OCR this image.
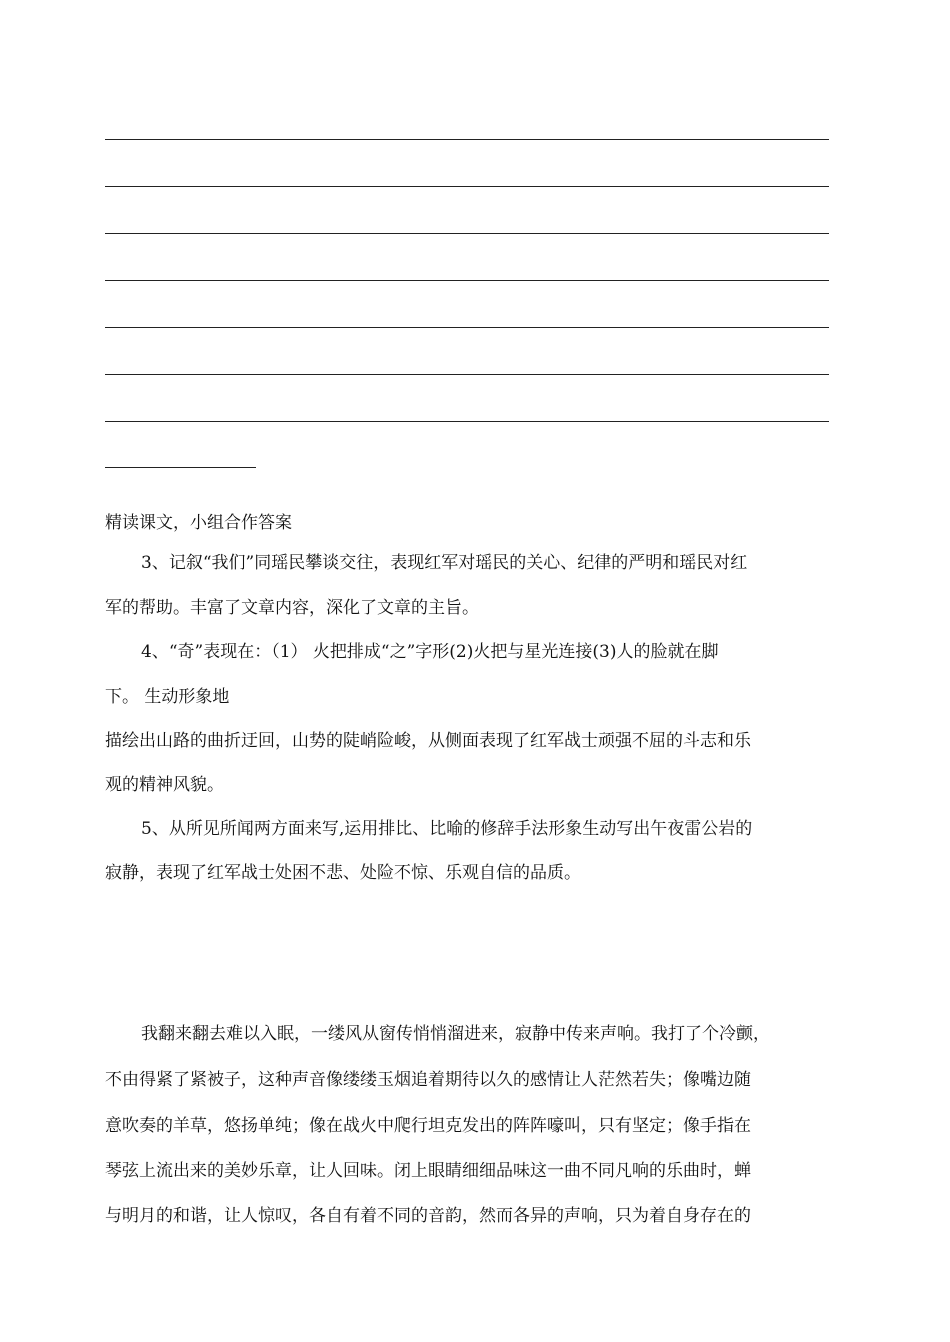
精读课文，小组合作答案
3、记叙“我们”同瑶民攀谈交往，表现红军对瑶民的关心、纪律的严明和瑶民对红
军的帮助。丰富了文章内容，深化了文章的主旨。
4、“奇”表现在：（1） 火把排成“之”字形(2)火把与星光连接(3)人的脸就在脚
下。 生动形象地
描绘出山路的曲折迂回，山势的陡峭险峻，从侧面表现了红军战士顽强不屈的斗志和乐
观的精神风貌。
5、从所见所闻两方面来写,运用排比、比喻的修辞手法形象生动写出午夜雷公岩的
寂静，表现了红军战士处困不悲、处险不惊、乐观自信的品质。
我翻来翻去难以入眠，一缕风从窗传悄悄溜进来，寂静中传来声响。我打了个冷颤，
不由得紧了紧被子，这种声音像缕缕玉烟追着期待以久的感情让人茫然若失；像嘴边随
意吹奏的羊草，悠扬单纯；像在战火中爬行坦克发出的阵阵嚎叫，只有坚定；像手指在
琴弦上流出来的美妙乐章，让人回味。闭上眼睛细细品味这一曲不同凡响的乐曲时，蝉
与明月的和谐，让人惊叹，各自有着不同的音韵，然而各异的声响，只为着自身存在的
